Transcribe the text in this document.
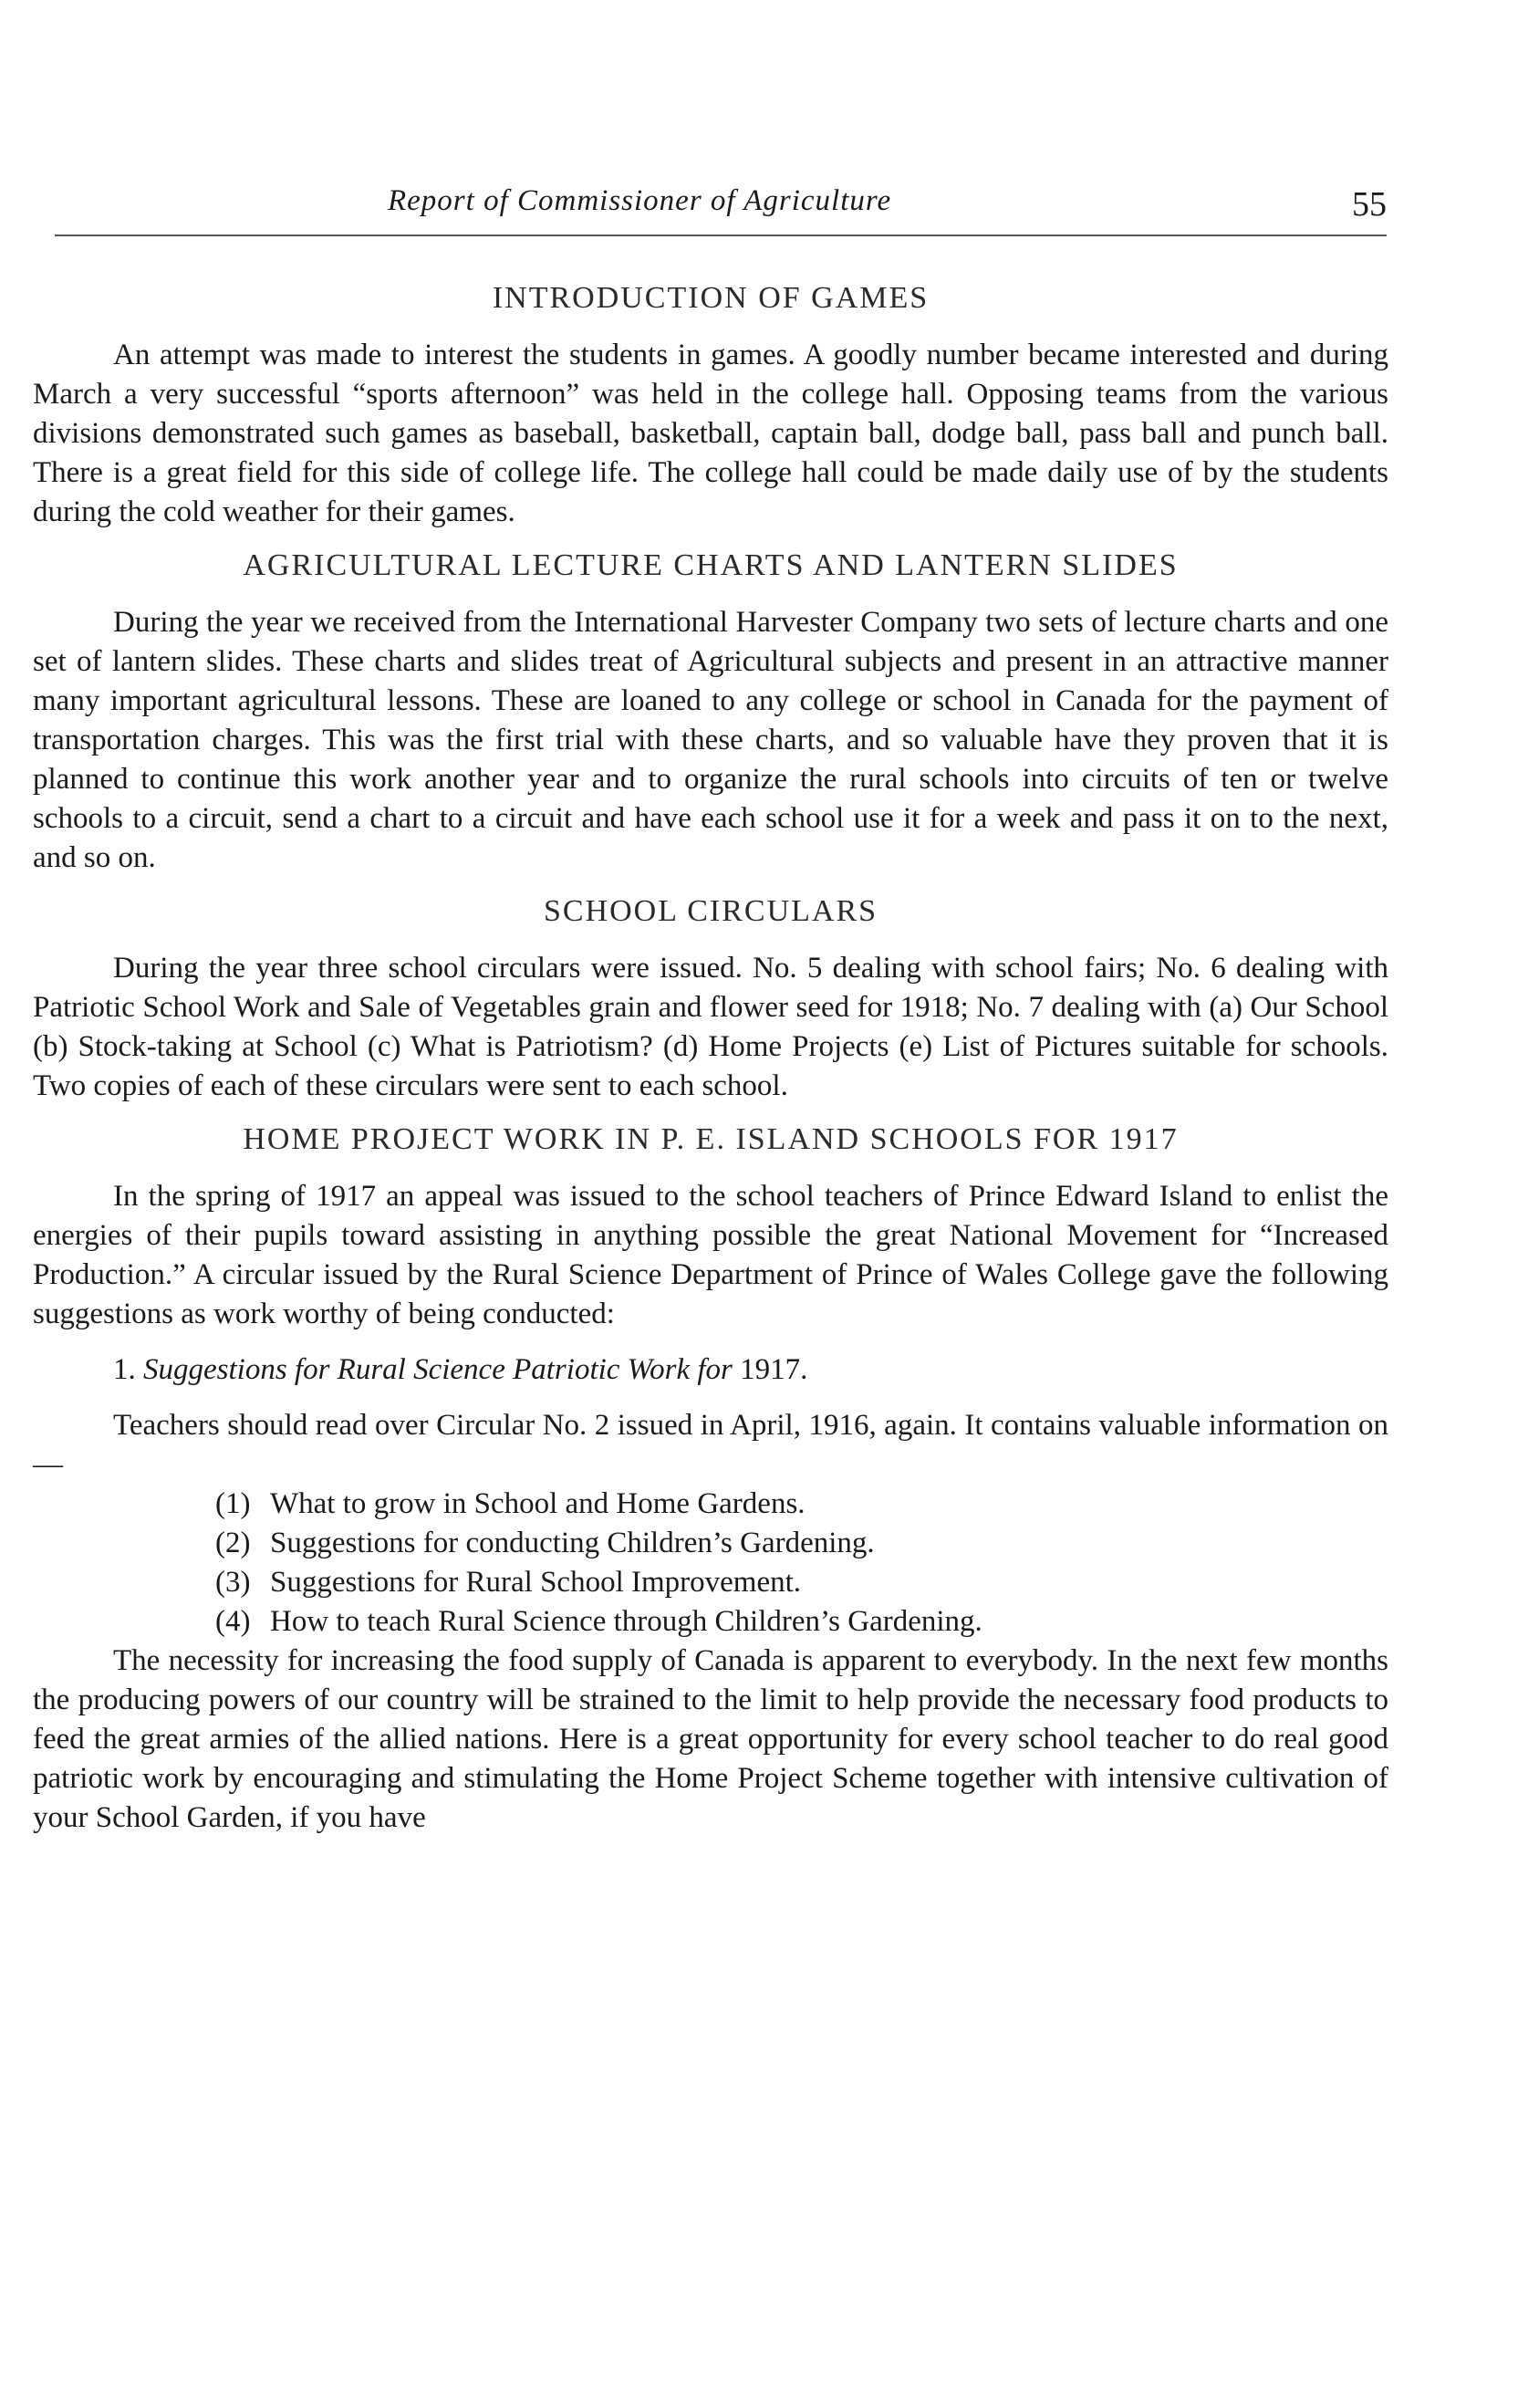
Report of Commissioner of Agriculture	55
INTRODUCTION OF GAMES

An attempt was made to interest the students in games. A goodly number became interested and during March a very successful “sports afternoon” was held in the college hall. Opposing teams from the various divisions demonstrated such games as baseball, basketball, captain ball, dodge ball, pass ball and punch ball. There is a great field for this side of college life. The college hall could be made daily use of by the students during the cold weather for their games.

AGRICULTURAL LECTURE CHARTS AND LANTERN SLIDES

During the year we received from the International Harvester Company two sets of lecture charts and one set of lantern slides. These charts and slides treat of Agricultural subjects and present in an attractive manner many important agricultural lessons. These are loaned to any college or school in Canada for the payment of transportation charges. This was the first trial with these charts, and so valuable have they proven that it is planned to continue this work another year and to organize the rural schools into circuits of ten or twelve schools to a circuit, send a chart to a circuit and have each school use it for a week and pass it on to the next, and so on.

SCHOOL CIRCULARS

During the year three school circulars were issued. No. 5 dealing with school fairs; No. 6 dealing with Patriotic School Work and Sale of Vegetables grain and flower seed for 1918; No. 7 dealing with (a) Our School (b) Stock-taking at School (c) What is Patriotism? (d) Home Projects (e) List of Pictures suitable for schools. Two copies of each of these circulars were sent to each school.

HOME PROJECT WORK IN P. E. ISLAND SCHOOLS FOR 1917

In the spring of 1917 an appeal was issued to the school teachers of Prince Edward Island to enlist the energies of their pupils toward assisting in anything possible the great National Movement for “Increased Production.” A circular issued by the Rural Science Department of Prince of Wales College gave the following suggestions as work worthy of being conducted:

1. Suggestions for Rural Science Patriotic Work for 1917.

Teachers should read over Circular No. 2 issued in April, 1916, again. It contains valuable information on—

(1) What to grow in School and Home Gardens.
(2) Suggestions for conducting Children’s Gardening.
(3) Suggestions for Rural School Improvement.
(4) How to teach Rural Science through Children’s Gardening.

The necessity for increasing the food supply of Canada is apparent to everybody. In the next few months the producing powers of our country will be strained to the limit to help provide the necessary food products to feed the great armies of the allied nations. Here is a great opportunity for every school teacher to do real good patriotic work by encouraging and stimulating the Home Project Scheme together with intensive cultivation of your School Garden, if you have
